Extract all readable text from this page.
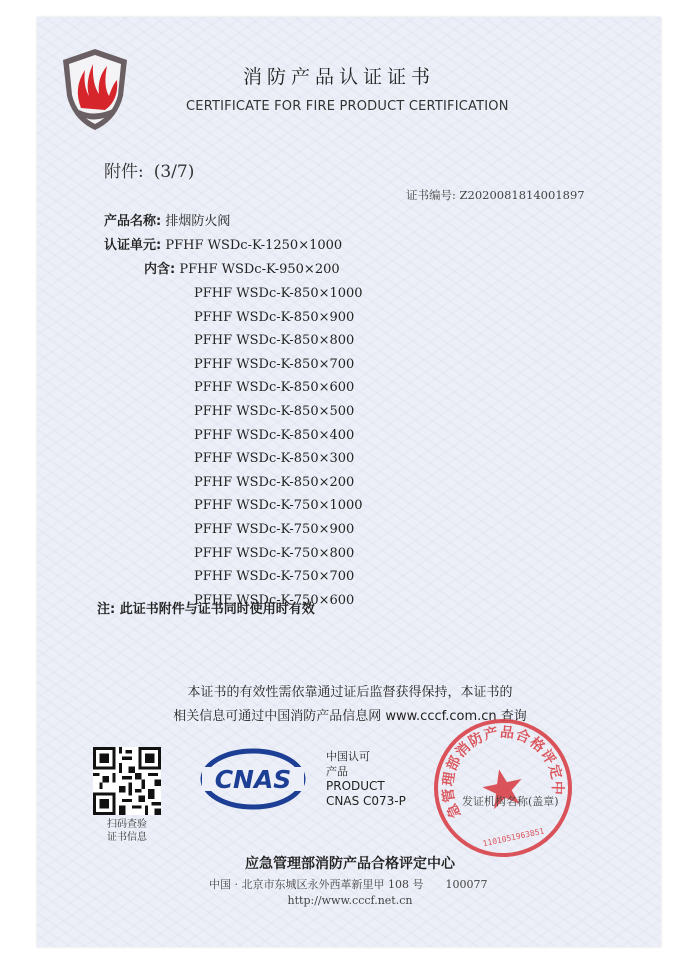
消防产品认证证书
CERTIFICATE FOR FIRE PRODUCT CERTIFICATION
附件: (3/7)
证书编号: Z2020081814001897
产品名称: 排烟防火阀
认证单元: PFHF WSDc-K-1250×1000
内含: PFHF WSDc-K-950×200
PFHF WSDc-K-850×1000
PFHF WSDc-K-850×900
PFHF WSDc-K-850×800
PFHF WSDc-K-850×700
PFHF WSDc-K-850×600
PFHF WSDc-K-850×500
PFHF WSDc-K-850×400
PFHF WSDc-K-850×300
PFHF WSDc-K-850×200
PFHF WSDc-K-750×1000
PFHF WSDc-K-750×900
PFHF WSDc-K-750×800
PFHF WSDc-K-750×700
PFHF WSDc-K-750×600
注: 此证书附件与证书同时使用时有效
本证书的有效性需依靠通过证后监督获得保持，本证书的
相关信息可通过中国消防产品信息网 www.cccf.com.cn 查询
扫码查验
证书信息
CNAS
中国认可
产品
PRODUCT
CNAS C073-P
应急管理部消防产品合格评定中心
1101051963851
发证机构名称(盖章)
应急管理部消防产品合格评定中心
中国 · 北京市东城区永外西革新里甲 108 号　　100077
http://www.cccf.net.cn
